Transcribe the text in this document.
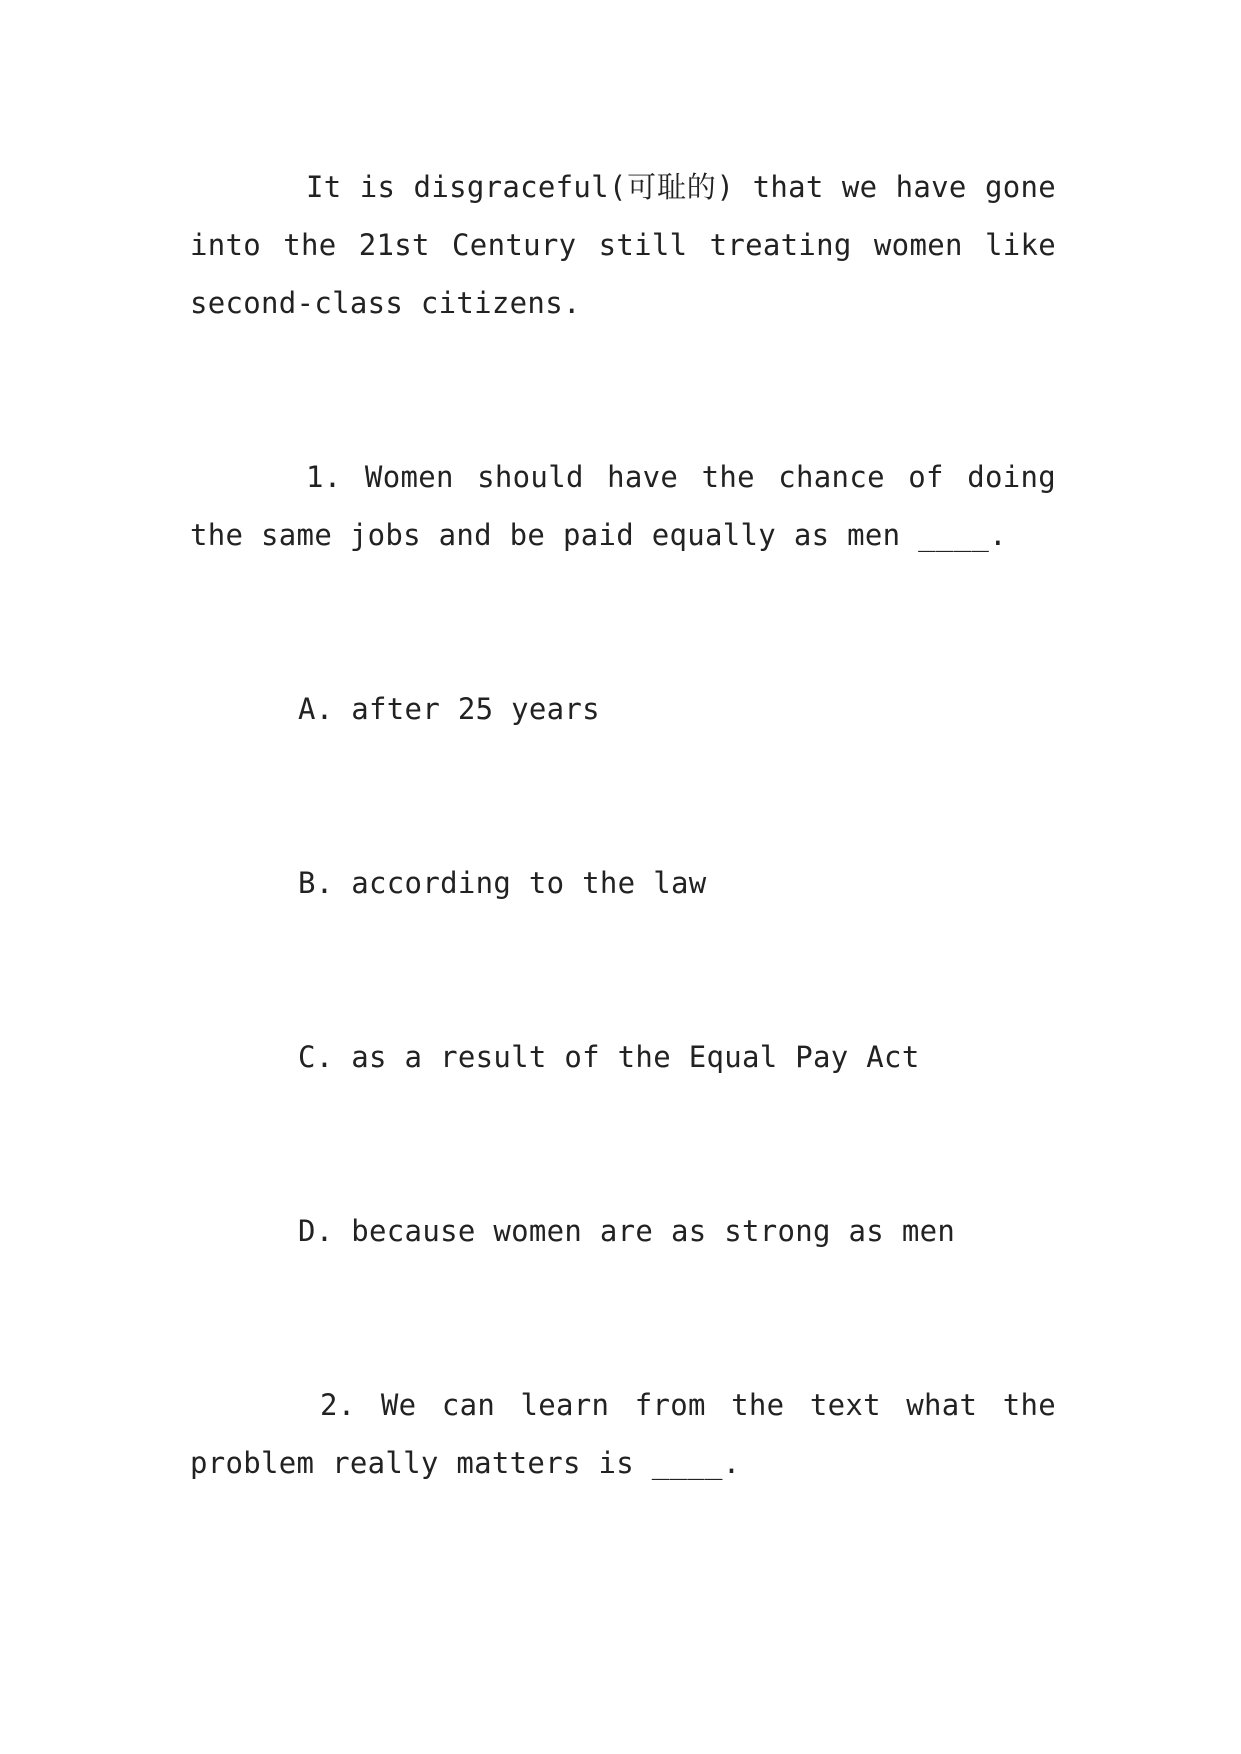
It is disgraceful(可耻的) that we have gone into the 21st Century still treating women like second-class citizens.

1. Women should have the chance of doing the same jobs and be paid equally as men ____.

A. after 25 years

B. according to the law

C. as a result of the Equal Pay Act

D. because women are as strong as men

2. We can learn from the text what the problem really matters is ____.
